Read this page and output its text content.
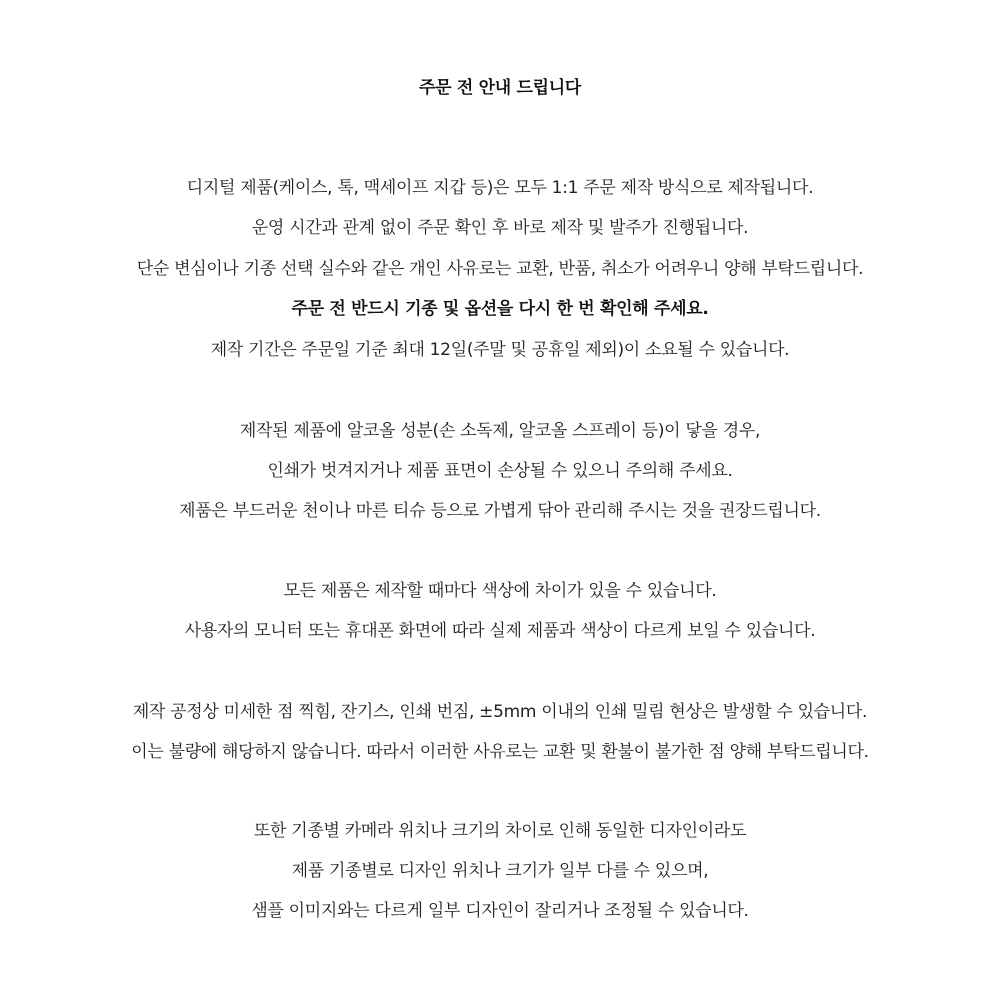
주문 전 안내 드립니다
디지털 제품(케이스, 톡, 맥세이프 지갑 등)은 모두 1:1 주문 제작 방식으로 제작됩니다.
운영 시간과 관계 없이 주문 확인 후 바로 제작 및 발주가 진행됩니다.
단순 변심이나 기종 선택 실수와 같은 개인 사유로는 교환, 반품, 취소가 어려우니 양해 부탁드립니다.
주문 전 반드시 기종 및 옵션을 다시 한 번 확인해 주세요.
제작 기간은 주문일 기준 최대 12일(주말 및 공휴일 제외)이 소요될 수 있습니다.
제작된 제품에 알코올 성분(손 소독제, 알코올 스프레이 등)이 닿을 경우,
인쇄가 벗겨지거나 제품 표면이 손상될 수 있으니 주의해 주세요.
제품은 부드러운 천이나 마른 티슈 등으로 가볍게 닦아 관리해 주시는 것을 권장드립니다.
모든 제품은 제작할 때마다 색상에 차이가 있을 수 있습니다.
사용자의 모니터 또는 휴대폰 화면에 따라 실제 제품과 색상이 다르게 보일 수 있습니다.
제작 공정상 미세한 점 찍힘, 잔기스, 인쇄 번짐, ±5mm 이내의 인쇄 밀림 현상은 발생할 수 있습니다.
이는 불량에 해당하지 않습니다. 따라서 이러한 사유로는 교환 및 환불이 불가한 점 양해 부탁드립니다.
또한 기종별 카메라 위치나 크기의 차이로 인해 동일한 디자인이라도
제품 기종별로 디자인 위치나 크기가 일부 다를 수 있으며,
샘플 이미지와는 다르게 일부 디자인이 잘리거나 조정될 수 있습니다.
